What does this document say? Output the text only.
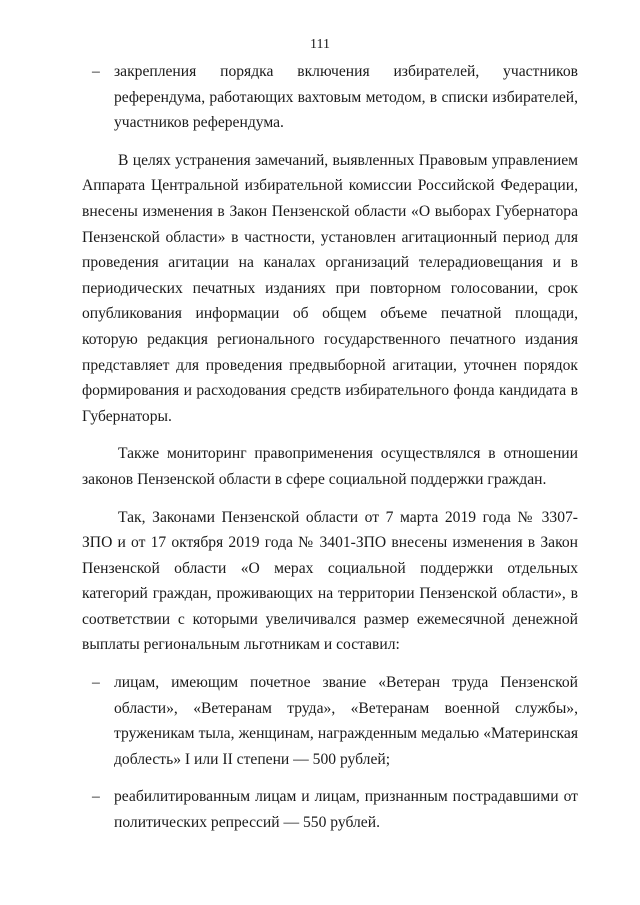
111
– закрепления порядка включения избирателей, участников референдума, работающих вахтовым методом, в списки избирателей, участников референдума.

В целях устранения замечаний, выявленных Правовым управлением Аппарата Центральной избирательной комиссии Российской Федерации, внесены изменения в Закон Пензенской области «О выборах Губернатора Пензенской области» в частности, установлен агитационный период для проведения агитации на каналах организаций телерадиовещания и в периодических печатных изданиях при повторном голосовании, срок опубликования информации об общем объеме печатной площади, которую редакция регионального государственного печатного издания представляет для проведения предвыборной агитации, уточнен порядок формирования и расходования средств избирательного фонда кандидата в Губернаторы.

Также мониторинг правоприменения осуществлялся в отношении законов Пензенской области в сфере социальной поддержки граждан.

Так, Законами Пензенской области от 7 марта 2019 года № 3307-ЗПО и от 17 октября 2019 года № 3401-ЗПО внесены изменения в Закон Пензенской области «О мерах социальной поддержки отдельных категорий граждан, проживающих на территории Пензенской области», в соответствии с которыми увеличивался размер ежемесячной денежной выплаты региональным льготникам и составил:

– лицам, имеющим почетное звание «Ветеран труда Пензенской области», «Ветеранам труда», «Ветеранам военной службы», труженикам тыла, женщинам, награжденным медалью «Материнская доблесть» I или II степени — 500 рублей;
– реабилитированным лицам и лицам, признанным пострадавшими от политических репрессий — 550 рублей.
